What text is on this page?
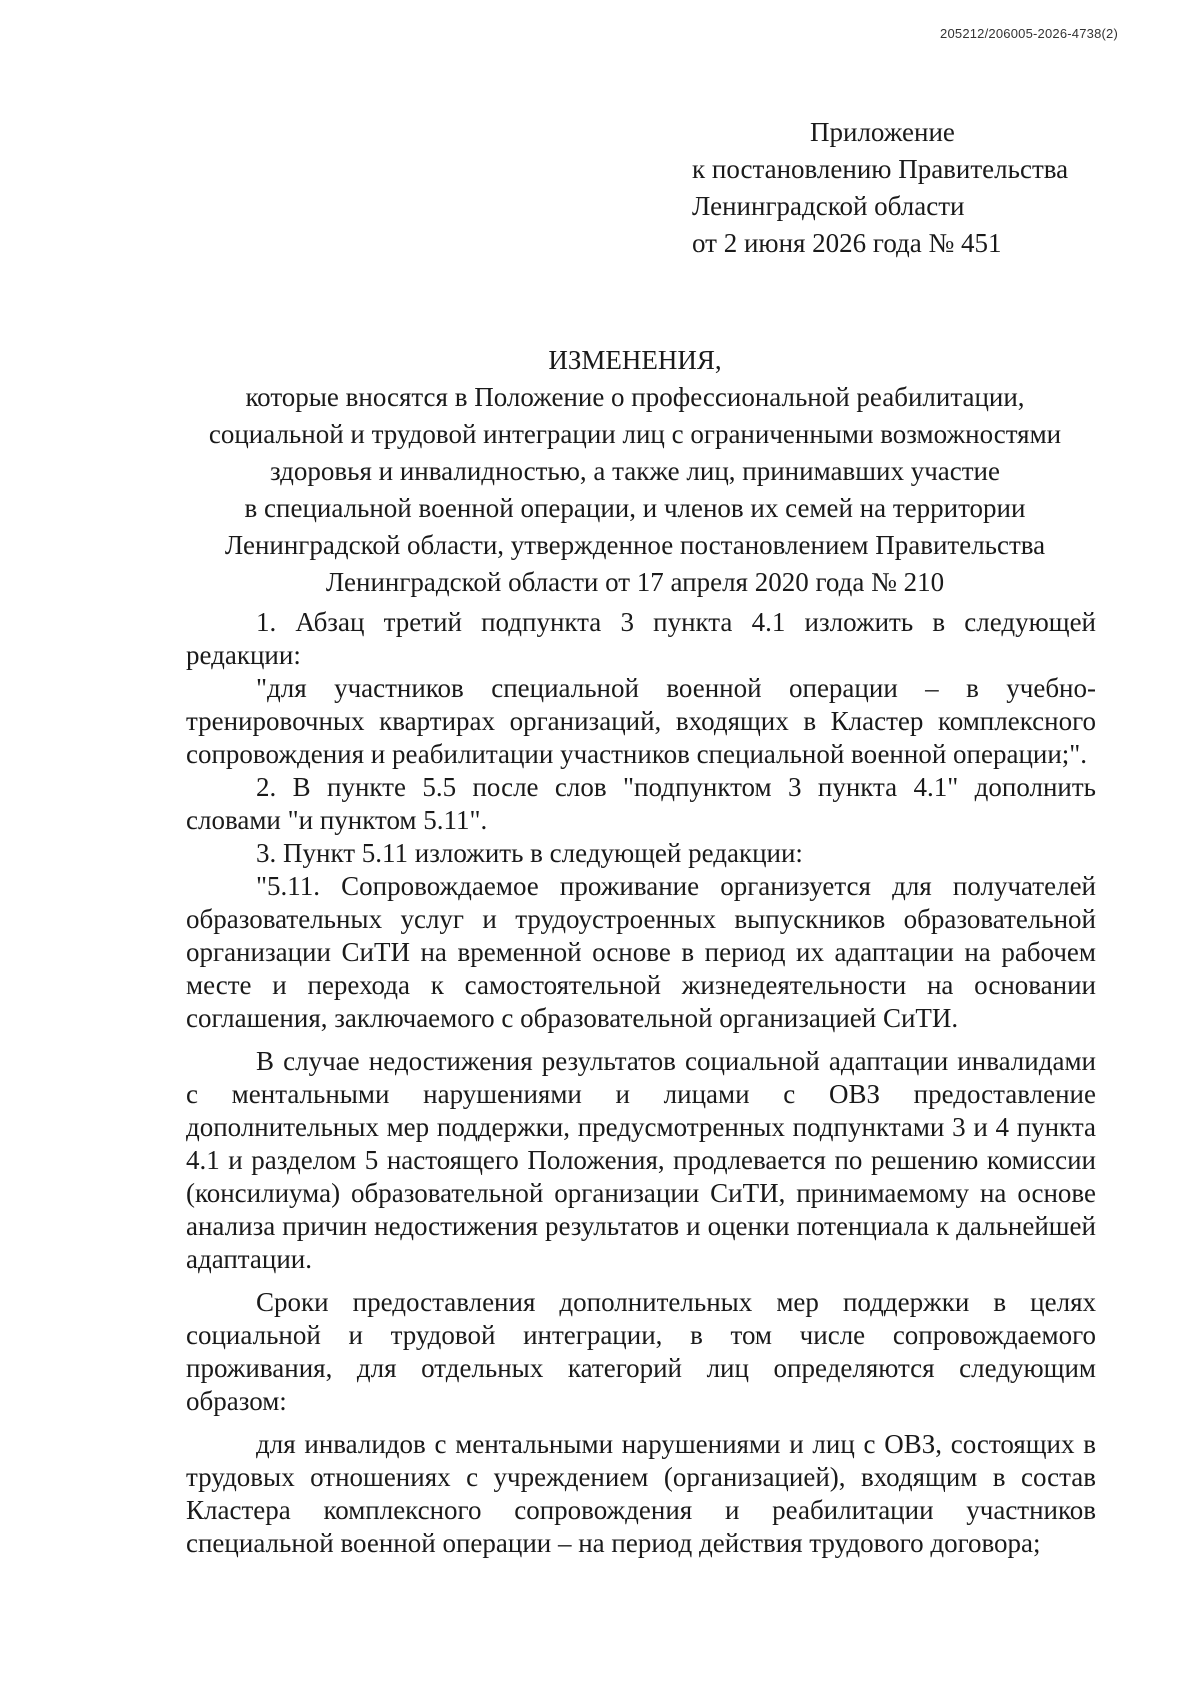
205212/206005-2026-4738(2)
Приложение
к постановлению Правительства
Ленинградской области
от 2 июня 2026 года № 451
ИЗМЕНЕНИЯ,
которые вносятся в Положение о профессиональной реабилитации,
социальной и трудовой интеграции лиц с ограниченными возможностями
здоровья и инвалидностью, а также лиц, принимавших участие
в специальной военной операции, и членов их семей на территории
Ленинградской области, утвержденное постановлением Правительства
Ленинградской области от 17 апреля 2020 года № 210

1. Абзац третий подпункта 3 пункта 4.1 изложить в следующей редакции:

"для участников специальной военной операции – в учебно-тренировочных квартирах организаций, входящих в Кластер комплексного сопровождения и реабилитации участников специальной военной операции;".

2. В пункте 5.5 после слов "подпунктом 3 пункта 4.1" дополнить словами "и пунктом 5.11".

3. Пункт 5.11 изложить в следующей редакции:

"5.11. Сопровождаемое проживание организуется для получателей образовательных услуг и трудоустроенных выпускников образовательной организации СиТИ на временной основе в период их адаптации на рабочем месте и перехода к самостоятельной жизнедеятельности на основании соглашения, заключаемого с образовательной организацией СиТИ.

В случае недостижения результатов социальной адаптации инвалидами с ментальными нарушениями и лицами с ОВЗ предоставление дополнительных мер поддержки, предусмотренных подпунктами 3 и 4 пункта 4.1 и разделом 5 настоящего Положения, продлевается по решению комиссии (консилиума) образовательной организации СиТИ, принимаемому на основе анализа причин недостижения результатов и оценки потенциала к дальнейшей адаптации.

Сроки предоставления дополнительных мер поддержки в целях социальной и трудовой интеграции, в том числе сопровождаемого проживания, для отдельных категорий лиц определяются следующим образом:

для инвалидов с ментальными нарушениями и лиц с ОВЗ, состоящих в трудовых отношениях с учреждением (организацией), входящим в состав Кластера комплексного сопровождения и реабилитации участников специальной военной операции – на период действия трудового договора;
